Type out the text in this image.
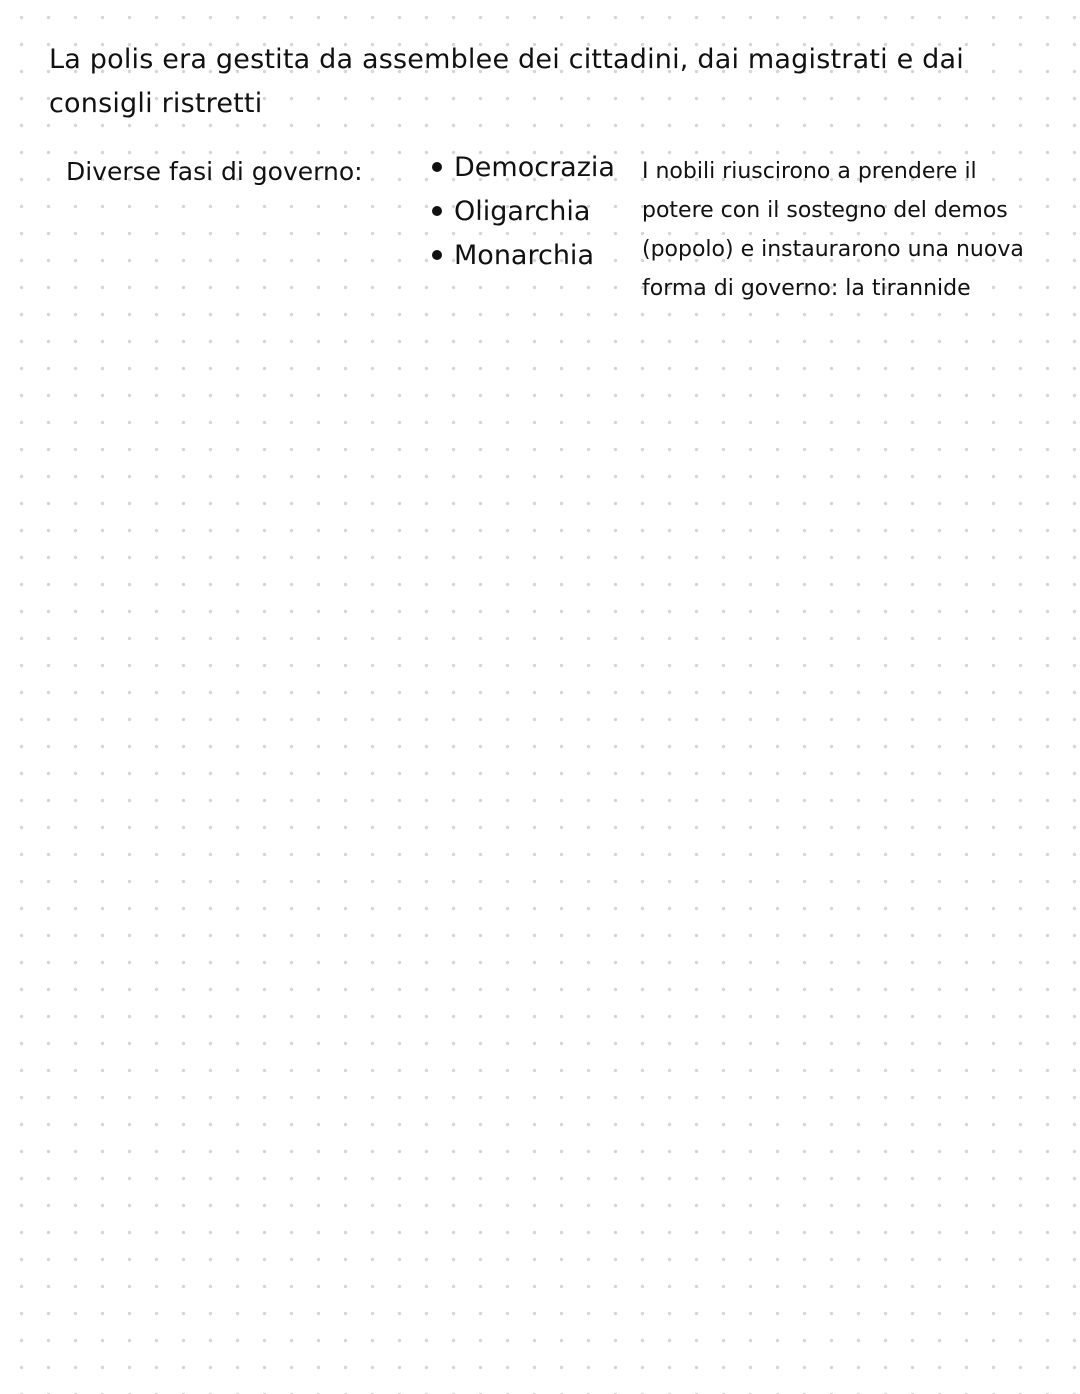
La polis era gestita da assemblee dei cittadini, dai magistrati e dai
consigli ristretti
Diverse fasi di governo:	Democrazia
Oligarchia
Monarchia
I nobili riuscirono a prendere il
potere con il sostegno del demos
(popolo) e instaurarono una nuova
forma di governo: la tirannide
